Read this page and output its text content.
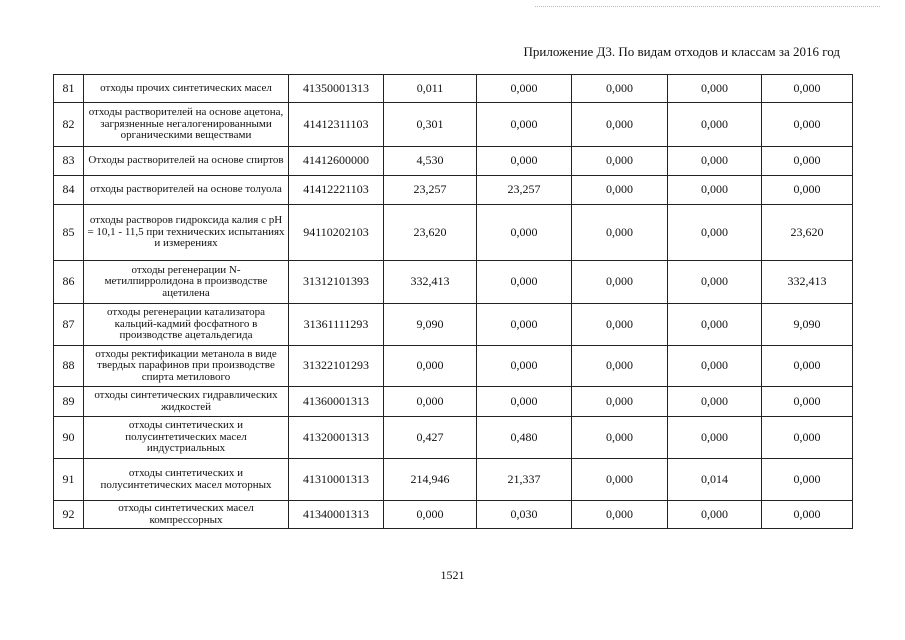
Приложение Д3. По видам отходов и классам за 2016 год
81	отходы прочих синтетических масел	41350001313	0,011	0,000	0,000	0,000	0,000
82	отходы растворителей на основе ацетона, загрязненные негалогенированными органическими веществами	41412311103	0,301	0,000	0,000	0,000	0,000
83	Отходы растворителей на основе спиртов	41412600000	4,530	0,000	0,000	0,000	0,000
84	отходы растворителей на основе толуола	41412221103	23,257	23,257	0,000	0,000	0,000
85	отходы растворов гидроксида калия с pH = 10,1 - 11,5 при технических испытаниях и измерениях	94110202103	23,620	0,000	0,000	0,000	23,620
86	отходы регенерации N-метилпирролидона в производстве ацетилена	31312101393	332,413	0,000	0,000	0,000	332,413
87	отходы регенерации катализатора кальций-кадмий фосфатного в производстве ацетальдегида	31361111293	9,090	0,000	0,000	0,000	9,090
88	отходы ректификации метанола в виде твердых парафинов при производстве спирта метилового	31322101293	0,000	0,000	0,000	0,000	0,000
89	отходы синтетических гидравлических жидкостей	41360001313	0,000	0,000	0,000	0,000	0,000
90	отходы синтетических и полусинтетических масел индустриальных	41320001313	0,427	0,480	0,000	0,000	0,000
91	отходы синтетических и полусинтетических масел моторных	41310001313	214,946	21,337	0,000	0,014	0,000
92	отходы синтетических масел компрессорных	41340001313	0,000	0,030	0,000	0,000	0,000
1521
